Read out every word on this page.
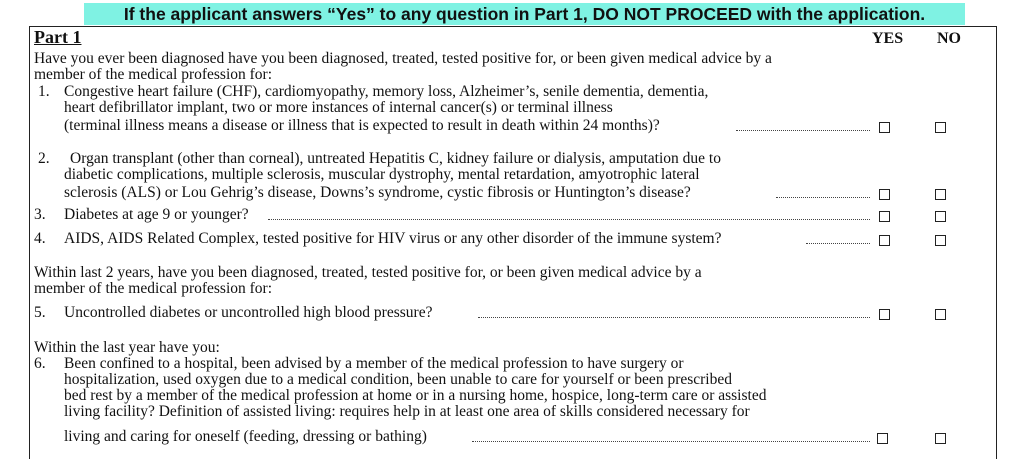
If the applicant answers “Yes” to any question in Part 1, DO NOT PROCEED with the application.
Part 1	YES NO
Have you ever been diagnosed have you been diagnosed, treated, tested positive for, or been given medical advice by a
member of the medical profession for:
1. Congestive heart failure (CHF), cardiomyopathy, memory loss, Alzheimer’s, senile dementia, dementia,
heart defibrillator implant, two or more instances of internal cancer(s) or terminal illness
(terminal illness means a disease or illness that is expected to result in death within 24 months)?
2. Organ transplant (other than corneal), untreated Hepatitis C, kidney failure or dialysis, amputation due to
diabetic complications, multiple sclerosis, muscular dystrophy, mental retardation, amyotrophic lateral
sclerosis (ALS) or Lou Gehrig’s disease, Downs’s syndrome, cystic fibrosis or Huntington’s disease?
3. Diabetes at age 9 or younger?
4. AIDS, AIDS Related Complex, tested positive for HIV virus or any other disorder of the immune system?
Within last 2 years, have you been diagnosed, treated, tested positive for, or been given medical advice by a
member of the medical profession for:
5. Uncontrolled diabetes or uncontrolled high blood pressure?
Within the last year have you:
6. Been confined to a hospital, been advised by a member of the medical profession to have surgery or
hospitalization, used oxygen due to a medical condition, been unable to care for yourself or been prescribed
bed rest by a member of the medical profession at home or in a nursing home, hospice, long-term care or assisted
living facility? Definition of assisted living: requires help in at least one area of skills considered necessary for
living and caring for oneself (feeding, dressing or bathing)
